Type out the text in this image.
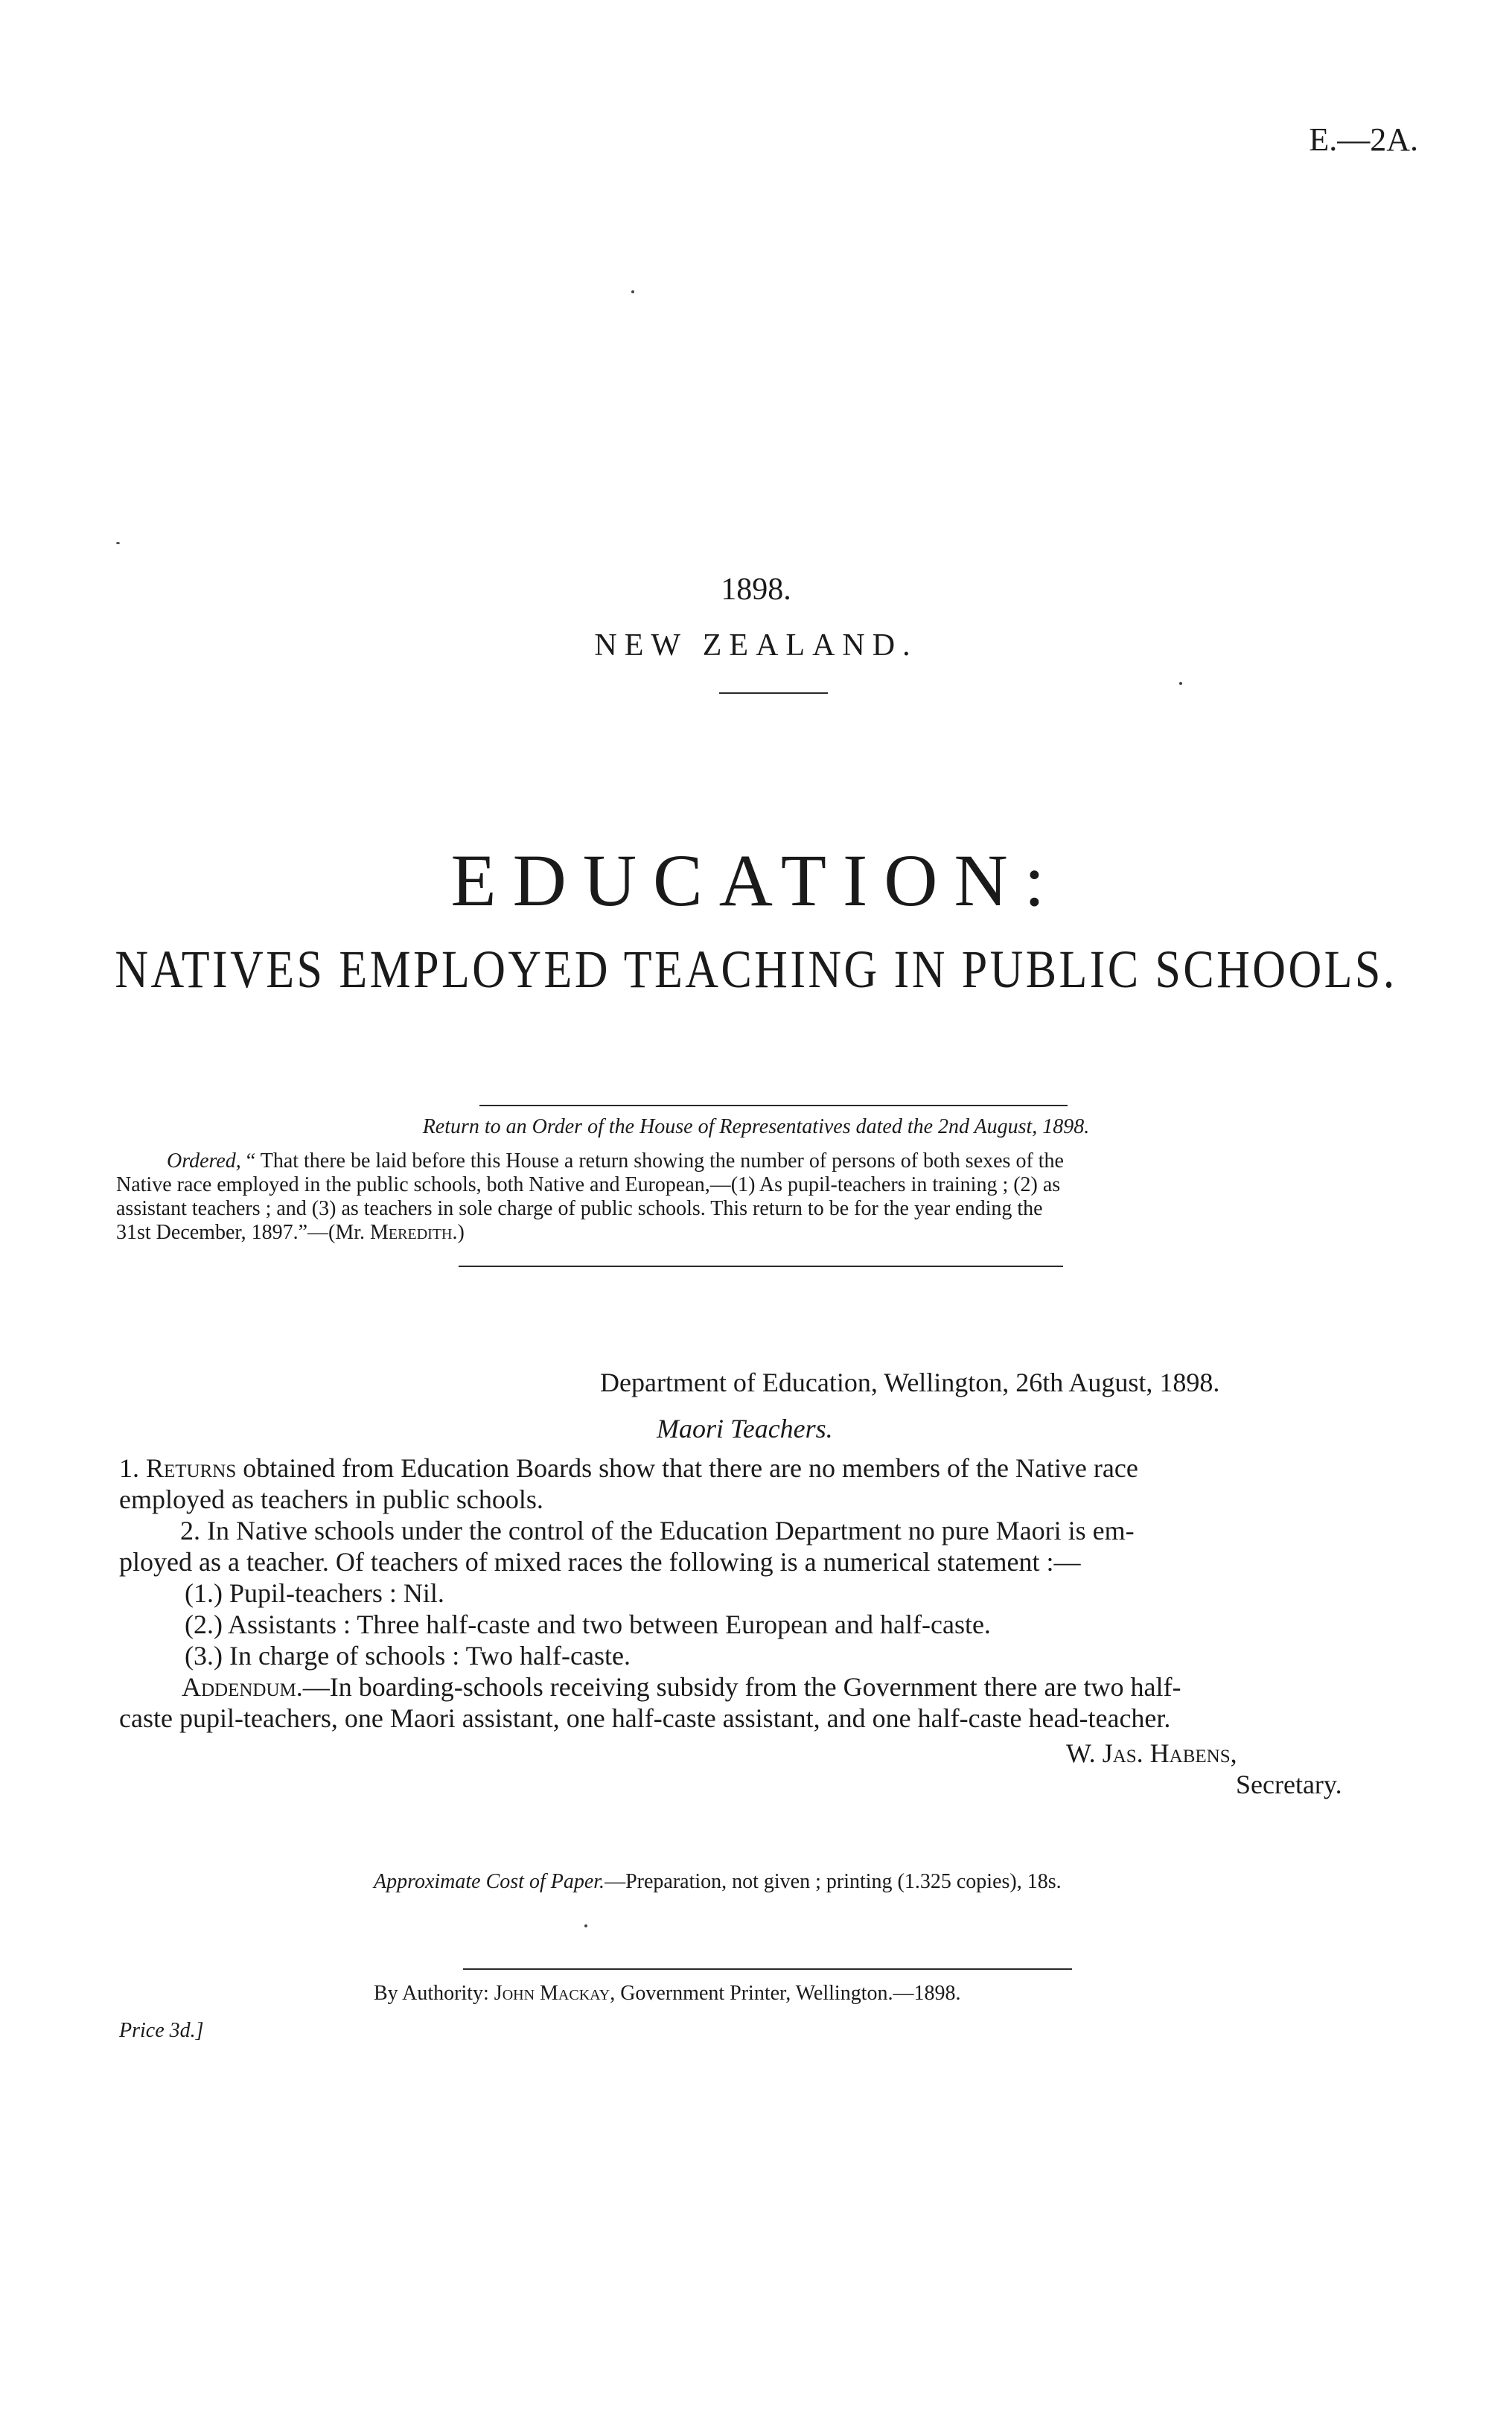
E.—2A.
1898.
NEW ZEALAND.
EDUCATION:
NATIVES EMPLOYED TEACHING IN PUBLIC SCHOOLS.
Return to an Order of the House of Representatives dated the 2nd August, 1898.
Ordered, “ That there be laid before this House a return showing the number of persons of both sexes of the
Native race employed in the public schools, both Native and European,—(1) As pupil-teachers in training ; (2) as
assistant teachers ; and (3) as teachers in sole charge of public schools. This return to be for the year ending the
31st December, 1897.”—(Mr. Meredith.)
Department of Education, Wellington, 26th August, 1898.
Maori Teachers.
1. Returns obtained from Education Boards show that there are no members of the Native race
employed as teachers in public schools.
2. In Native schools under the control of the Education Department no pure Maori is em-
ployed as a teacher. Of teachers of mixed races the following is a numerical statement :—
(1.) Pupil-teachers : Nil.
(2.) Assistants : Three half-caste and two between European and half-caste.
(3.) In charge of schools : Two half-caste.
Addendum.—In boarding-schools receiving subsidy from the Government there are two half-
caste pupil-teachers, one Maori assistant, one half-caste assistant, and one half-caste head-teacher.
W. Jas. Habens,
Secretary.
Approximate Cost of Paper.—Preparation, not given ; printing (1.325 copies), 18s.
By Authority: John Mackay, Government Printer, Wellington.—1898.
Price 3d.]
